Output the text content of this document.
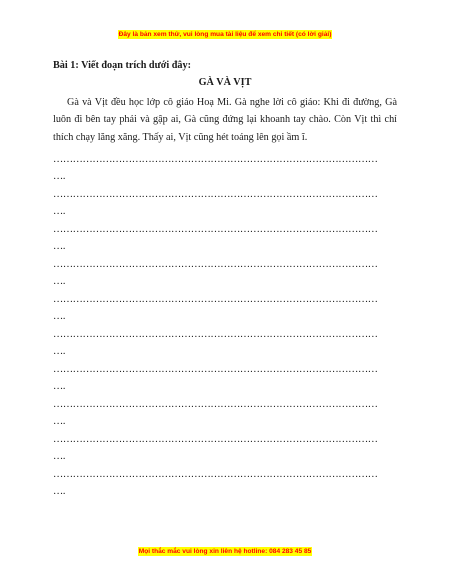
Đây là bản xem thử, vui lòng mua tài liệu để xem chi tiết (có lời giải)
Bài 1: Viết đoạn trích dưới đây:
GÀ VÀ VỊT

Gà và Vịt đều học lớp cô giáo Hoạ Mi. Gà nghe lời cô giáo: Khi đi đường, Gà luôn đi bên tay phải và gập ai, Gà cũng đứng lại khoanh tay chào. Còn Vịt thì chỉ thích chạy lăng xăng. Thấy ai, Vịt cũng hét toáng lên gọi ầm ĩ.

………………………………………………………………………………………
….
………………………………………………………………………………………
….
………………………………………………………………………………………
….
………………………………………………………………………………………
….
………………………………………………………………………………………
….
………………………………………………………………………………………
….
………………………………………………………………………………………
….
………………………………………………………………………………………
….
………………………………………………………………………………………
….
………………………………………………………………………………………
….
Mọi thắc mắc vui lòng xin liên hệ hotline: 084 283 45 85
